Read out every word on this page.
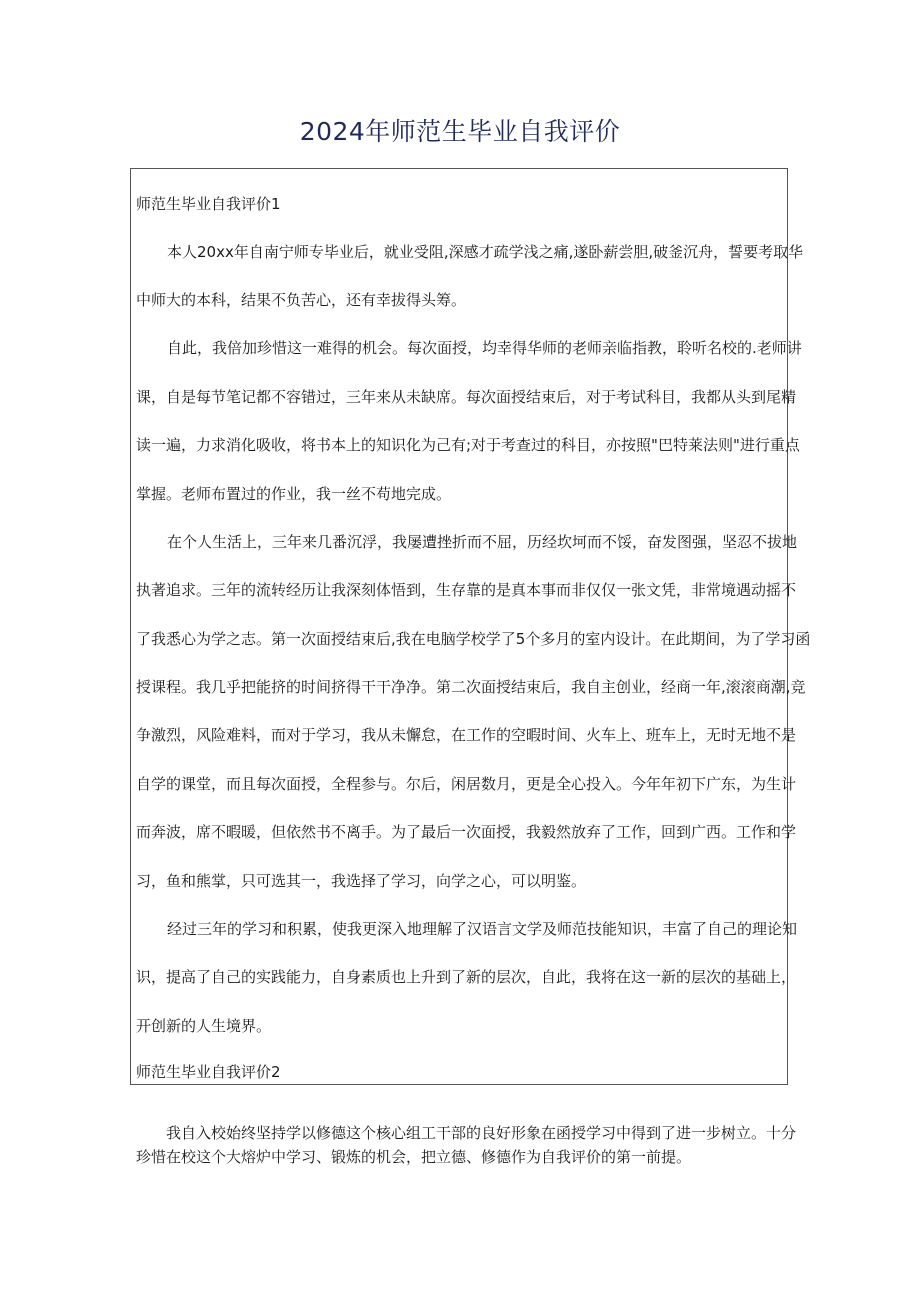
2024年师范生毕业自我评价
师范生毕业自我评价1
本人20xx年自南宁师专毕业后，就业受阻,深感才疏学浅之痛,遂卧薪尝胆,破釜沉舟，誓要考取华
中师大的本科，结果不负苦心，还有幸拔得头筹。
自此，我倍加珍惜这一难得的机会。每次面授，均幸得华师的老师亲临指教，聆听名校的.老师讲
课，自是每节笔记都不容错过，三年来从未缺席。每次面授结束后，对于考试科目，我都从头到尾精
读一遍，力求消化吸收，将书本上的知识化为己有;对于考查过的科目，亦按照"巴特莱法则"进行重点
掌握。老师布置过的作业，我一丝不苟地完成。
在个人生活上，三年来几番沉浮，我屡遭挫折而不屈，历经坎坷而不馁，奋发图强，坚忍不拔地
执著追求。三年的流转经历让我深刻体悟到，生存靠的是真本事而非仅仅一张文凭，非常境遇动摇不
了我悉心为学之志。第一次面授结束后,我在电脑学校学了5个多月的室内设计。在此期间，为了学习函
授课程。我几乎把能挤的时间挤得干干净净。第二次面授结束后，我自主创业，经商一年,滚滚商潮,竞
争激烈，风险难料，而对于学习，我从未懈怠，在工作的空暇时间、火车上、班车上，无时无地不是
自学的课堂，而且每次面授，全程参与。尔后，闲居数月，更是全心投入。今年年初下广东，为生计
而奔波，席不暇暖，但依然书不离手。为了最后一次面授，我毅然放弃了工作，回到广西。工作和学
习，鱼和熊掌，只可选其一，我选择了学习，向学之心，可以明鉴。
经过三年的学习和积累，使我更深入地理解了汉语言文学及师范技能知识，丰富了自己的理论知
识，提高了自己的实践能力，自身素质也上升到了新的层次，自此，我将在这一新的层次的基础上，
开创新的人生境界。
师范生毕业自我评价2
我自入校始终坚持学以修德这个核心组工干部的良好形象在函授学习中得到了进一步树立。十分
珍惜在校这个大熔炉中学习、锻炼的机会，把立德、修德作为自我评价的第一前提。
